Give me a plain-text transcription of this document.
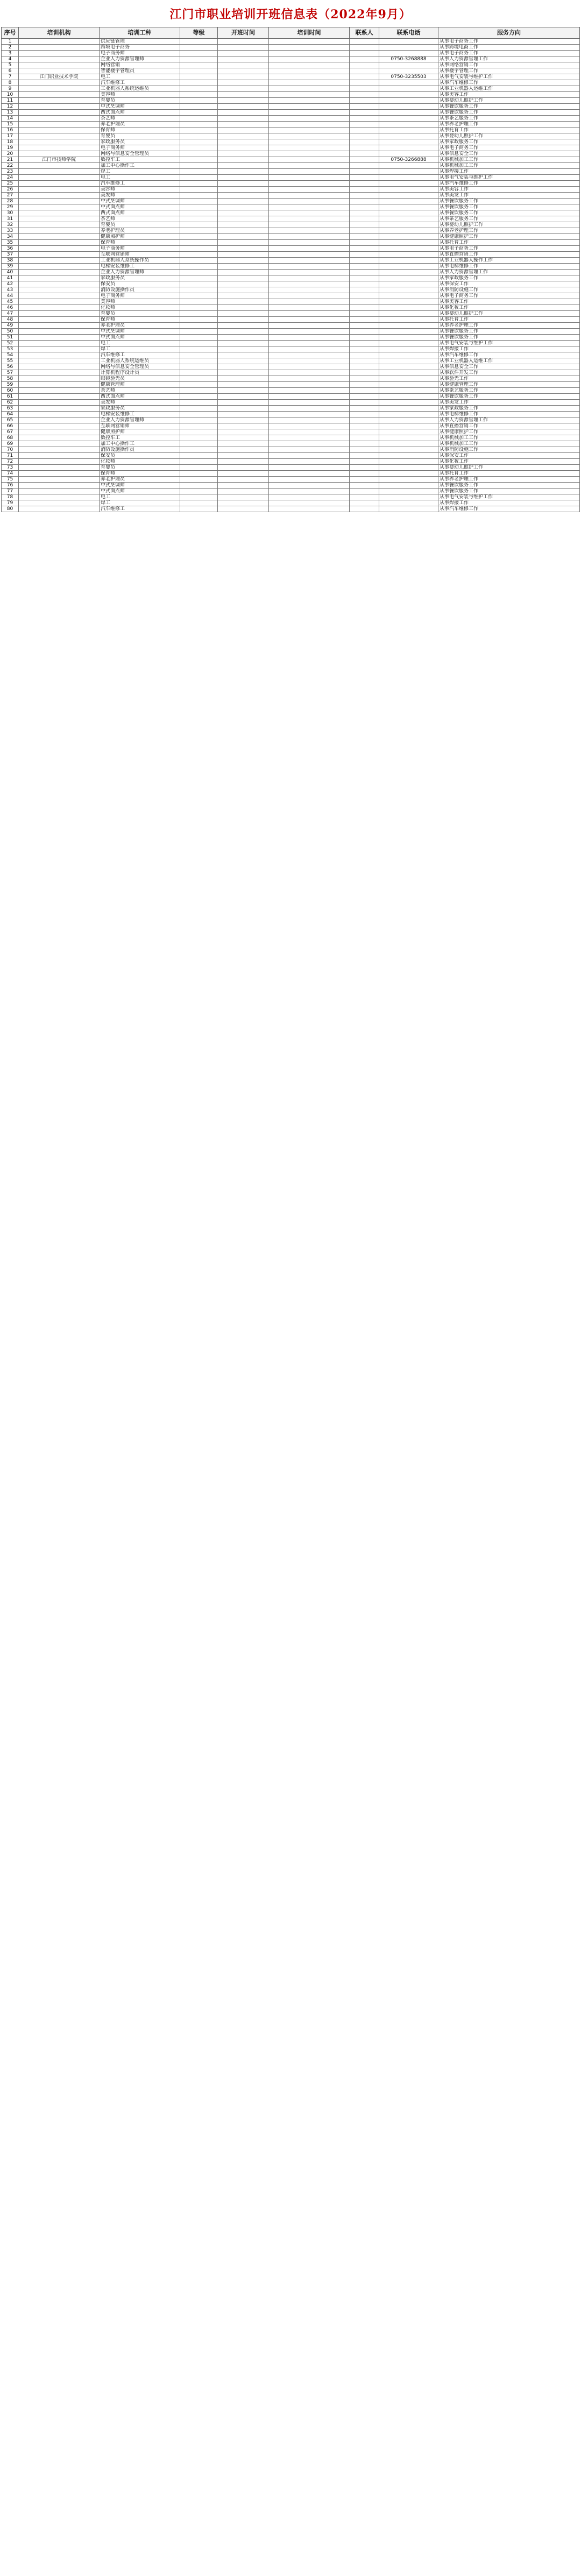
江门市职业培训开班信息表（2022年9月）
序号	培训机构	培训工种	等级	开班时间	培训时间	联系人	联系电话	服务方向
1		供应链管理						从事电子商务工作
2		跨境电子商务						从事跨境电商工作
3		电子商务师						从事电子商务工作
4		企业人力资源管理师					0750-3268888	从事人力资源管理工作
5		网络营销						从事网络营销工作
6		智能楼宇管理员						从事楼宇管理工作
7	江门职业技术学院	电工					0750-3235503	从事电气安装与维护工作
8		汽车维修工						从事汽车维修工作
9		工业机器人系统运维员						从事工业机器人运维工作
10		美容师						从事美容工作
11		育婴员						从事婴幼儿照护工作
12		中式烹调师						从事餐饮服务工作
13		西式面点师						从事餐饮服务工作
14		茶艺师						从事茶艺服务工作
15		养老护理员						从事养老护理工作
16		保育师						从事托育工作
17		育婴员						从事婴幼儿照护工作
18		家政服务员						从事家政服务工作
19		电子商务师						从事电子商务工作
20		网络与信息安全管理员						从事信息安全工作
21	江门市技师学院	数控车工					0750-3266888	从事机械加工工作
22		加工中心操作工						从事机械加工工作
23		焊工						从事焊接工作
24		电工						从事电气安装与维护工作
25		汽车维修工						从事汽车维修工作
26		美容师						从事美容工作
27		美发师						从事美发工作
28		中式烹调师						从事餐饮服务工作
29		中式面点师						从事餐饮服务工作
30		西式面点师						从事餐饮服务工作
31		茶艺师						从事茶艺服务工作
32		育婴员						从事婴幼儿照护工作
33		养老护理员						从事养老护理工作
34		健康照护师						从事健康照护工作
35		保育师						从事托育工作
36		电子商务师						从事电子商务工作
37		互联网营销师						从事直播营销工作
38		工业机器人系统操作员						从事工业机器人操作工作
39		电梯安装维修工						从事电梯维修工作
40		企业人力资源管理师						从事人力资源管理工作
41		家政服务员						从事家政服务工作
42		保安员						从事保安工作
43		消防设施操作员						从事消防设施工作
44		电子商务师						从事电子商务工作
45		美容师						从事美容工作
46		化妆师						从事化妆工作
47		育婴员						从事婴幼儿照护工作
48		保育师						从事托育工作
49		养老护理员						从事养老护理工作
50		中式烹调师						从事餐饮服务工作
51		中式面点师						从事餐饮服务工作
52		电工						从事电气安装与维护工作
53		焊工						从事焊接工作
54		汽车维修工						从事汽车维修工作
55		工业机器人系统运维员						从事工业机器人运维工作
56		网络与信息安全管理员						从事信息安全工作
57		计算机程序设计员						从事软件开发工作
58		眼镜验光员						从事验光工作
59		健康管理师						从事健康管理工作
60		茶艺师						从事茶艺服务工作
61		西式面点师						从事餐饮服务工作
62		美发师						从事美发工作
63		家政服务员						从事家政服务工作
64		电梯安装维修工						从事电梯维修工作
65		企业人力资源管理师						从事人力资源管理工作
66		互联网营销师						从事直播营销工作
67		健康照护师						从事健康照护工作
68		数控车工						从事机械加工工作
69		加工中心操作工						从事机械加工工作
70		消防设施操作员						从事消防设施工作
71		保安员						从事保安工作
72		化妆师						从事化妆工作
73		育婴员						从事婴幼儿照护工作
74		保育师						从事托育工作
75		养老护理员						从事养老护理工作
76		中式烹调师						从事餐饮服务工作
77		中式面点师						从事餐饮服务工作
78		电工						从事电气安装与维护工作
79		焊工						从事焊接工作
80		汽车维修工						从事汽车维修工作
